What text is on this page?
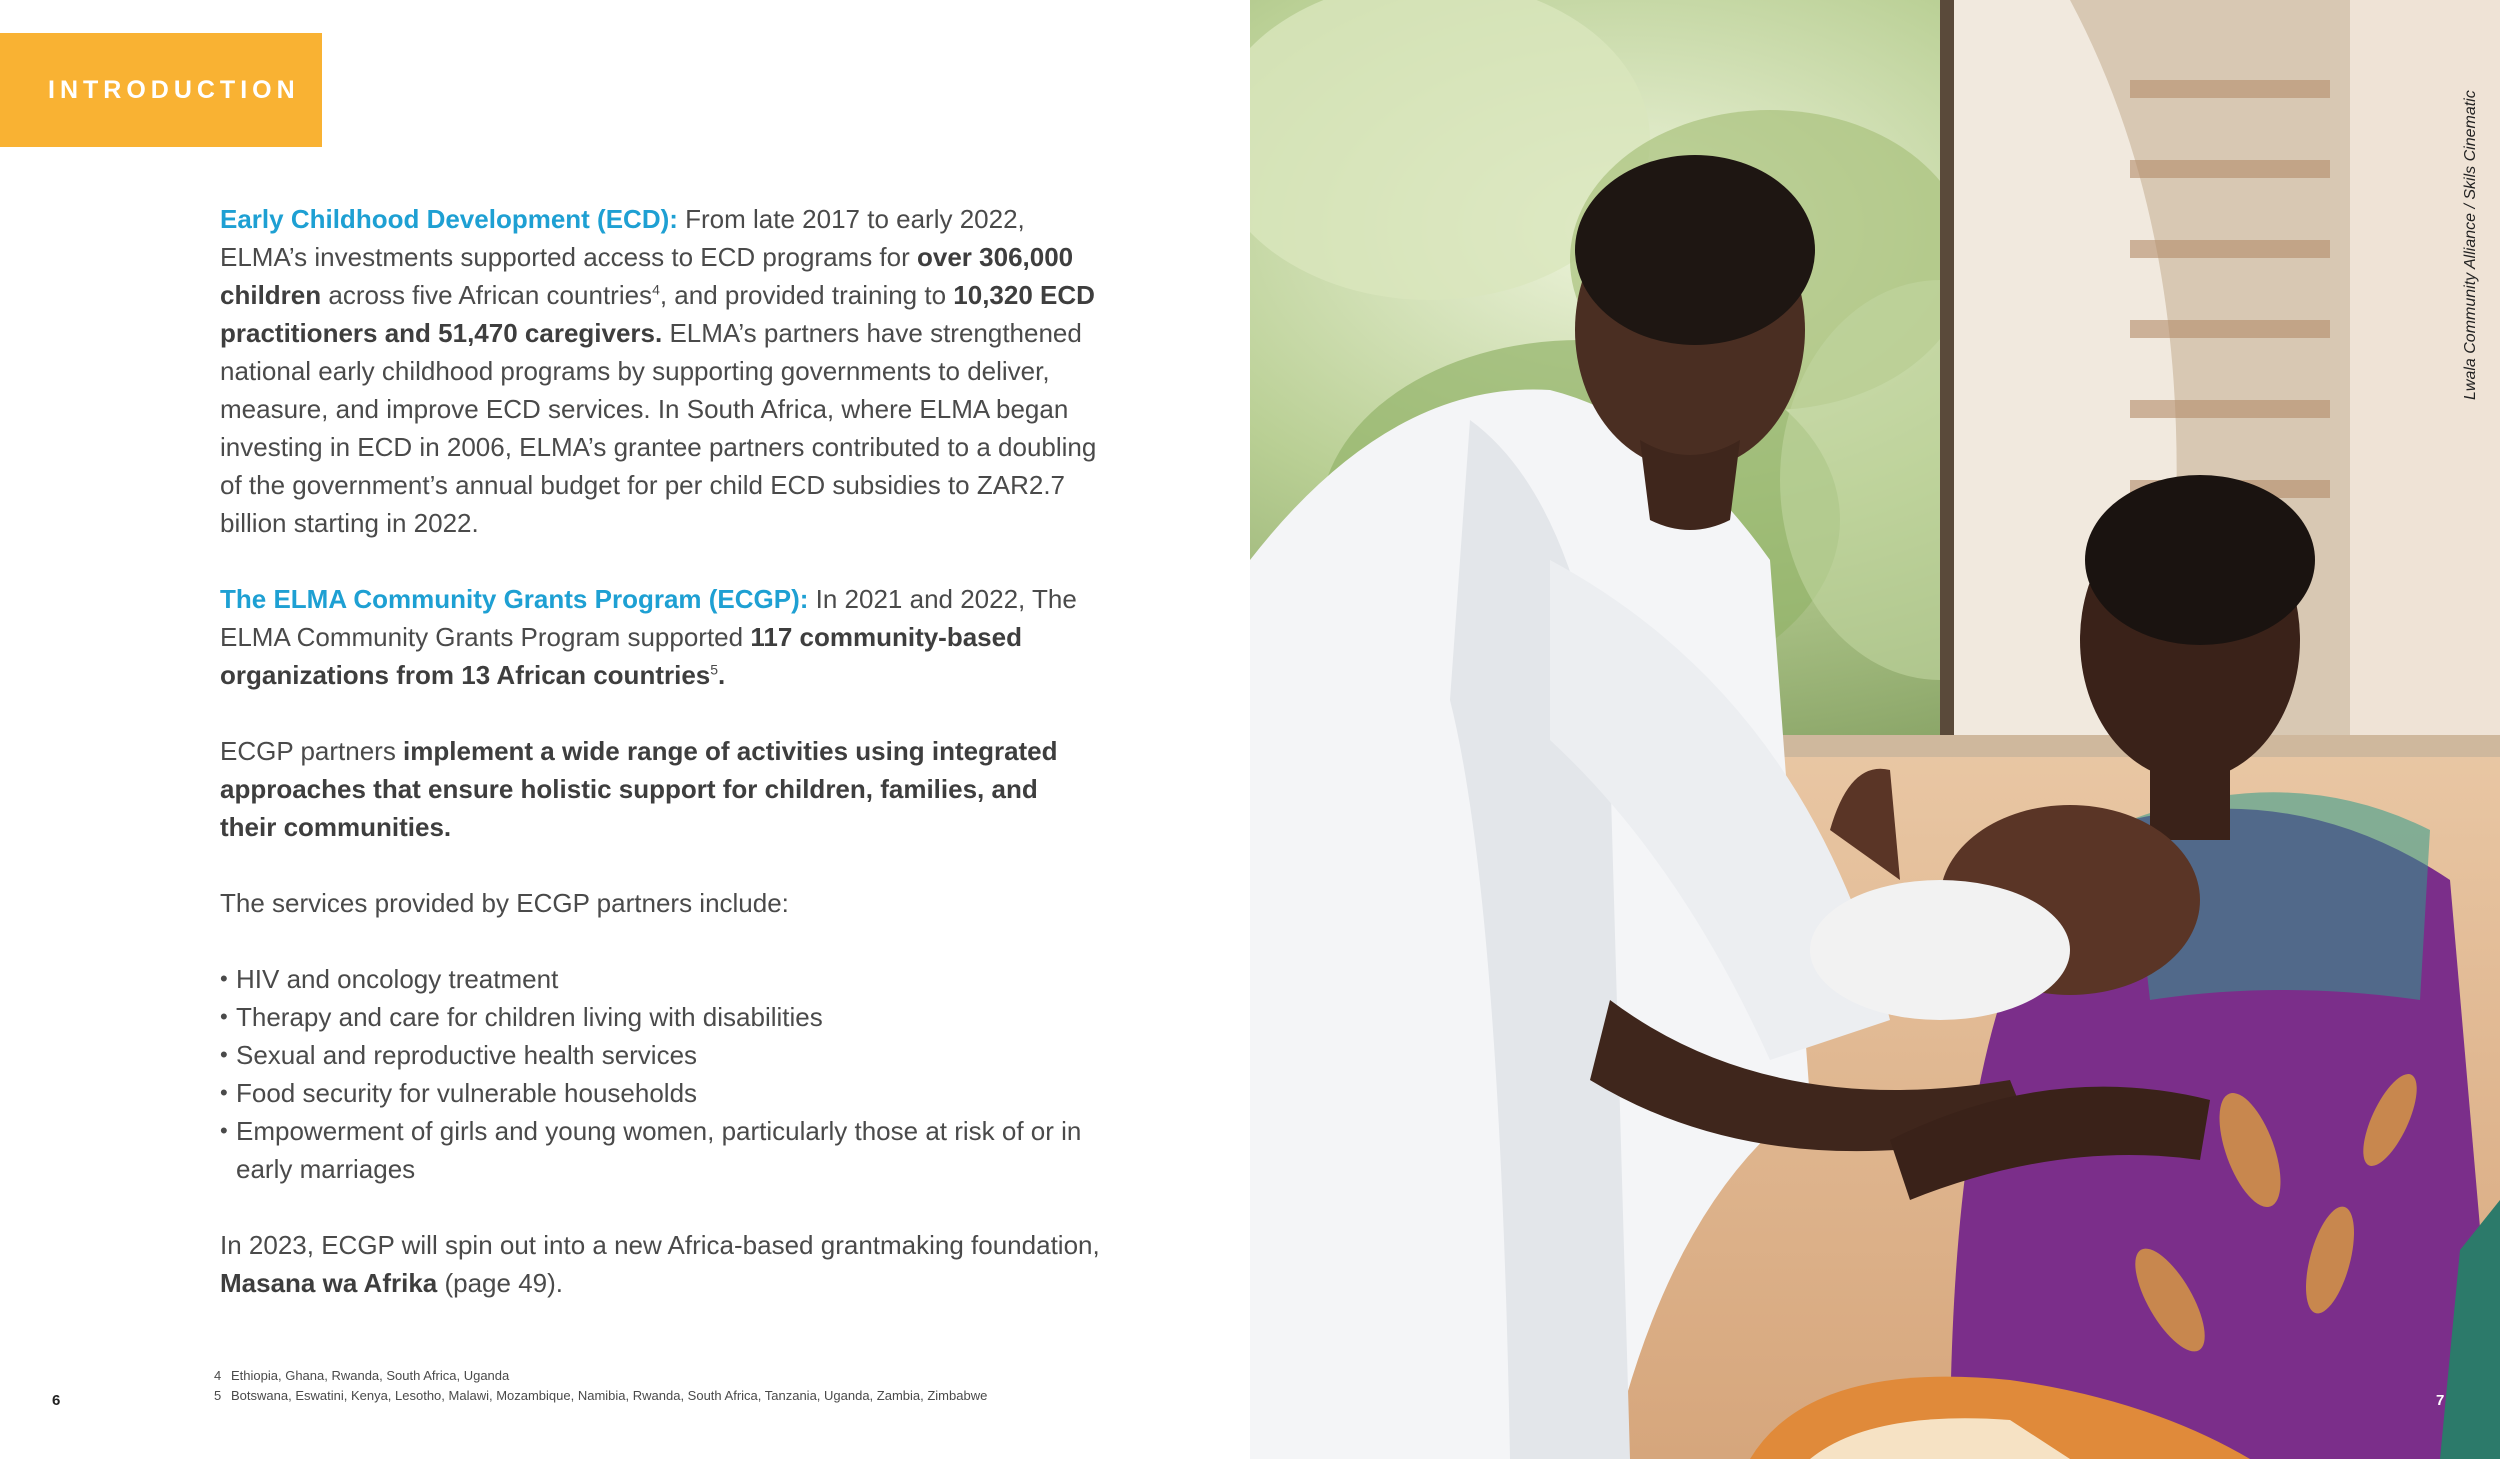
INTRODUCTION

Early Childhood Development (ECD): From late 2017 to early 2022, ELMA’s investments supported access to ECD programs for over 306,000 children across five African countries$^4$, and provided training to 10,320 ECD practitioners and 51,470 caregivers. ELMA’s partners have strengthened national early childhood programs by supporting governments to deliver, measure, and improve ECD services. In South Africa, where ELMA began investing in ECD in 2006, ELMA’s grantee partners contributed to a doubling of the government’s annual budget for per child ECD subsidies to ZAR2.7 billion starting in 2022.

The ELMA Community Grants Program (ECGP): In 2021 and 2022, The ELMA Community Grants Program supported 117 community-based organizations from 13 African countries$^5$.

ECGP partners implement a wide range of activities using integrated approaches that ensure holistic support for children, families, and their communities.

The services provided by ECGP partners include:

• HIV and oncology treatment
• Therapy and care for children living with disabilities
• Sexual and reproductive health services
• Food security for vulnerable households
• Empowerment of girls and young women, particularly those at risk of or in early marriages

In 2023, ECGP will spin out into a new Africa-based grantmaking foundation, Masana wa Afrika (page 49).

4 Ethiopia, Ghana, Rwanda, South Africa, Uganda
5 Botswana, Eswatini, Kenya, Lesotho, Malawi, Mozambique, Namibia, Rwanda, South Africa, Tanzania, Uganda, Zambia, Zimbabwe
6
Lwala Community Alliance / Skils Cinematic
7
